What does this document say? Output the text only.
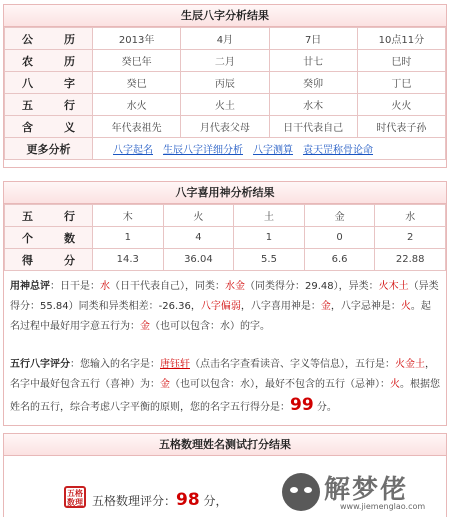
生辰八字分析结果
公　历	2013年	4月	7日	10点11分
农　历	癸巳年	二月	廿七	巳时
八　字	癸巳	丙辰	癸卯	丁巳
五　行	水火	火土	水木	火火
含　义	年代表祖先	月代表父母	日干代表自己	时代表子孙
更多分析	八字起名 生辰八字详细分析 八字测算 袁天罡称骨论命			
八字喜用神分析结果
五　行	木	火	土	金	水
个　数	1	4	1	0	2
得　分	14.3	36.04	5.5	6.6	22.88
用神总评：日干是：水（日干代表自己），同类：水金（同类得分：29.48），异类：火木土（异类得分：55.84）同类和异类相差：-26.36，八字偏弱，八字喜用神是：金，八字忌神是：火。起名过程中最好用字意五行为：金（也可以包含：水）的字。
五行八字评分：您输入的名字是：唐钰轩（点击名字查看读音、字义等信息），五行是：火金土，名字中最好包含五行（喜神）为：金（也可以包含：水），最好不包含的五行（忌神）：火。根据您姓名的五行，综合考虑八字平衡的原则，您的名字五行得分是：99 分。
五格数理姓名测试打分结果
五格数理 五格数理评分：98 分，	解梦佬
www.jiemenglao.com
